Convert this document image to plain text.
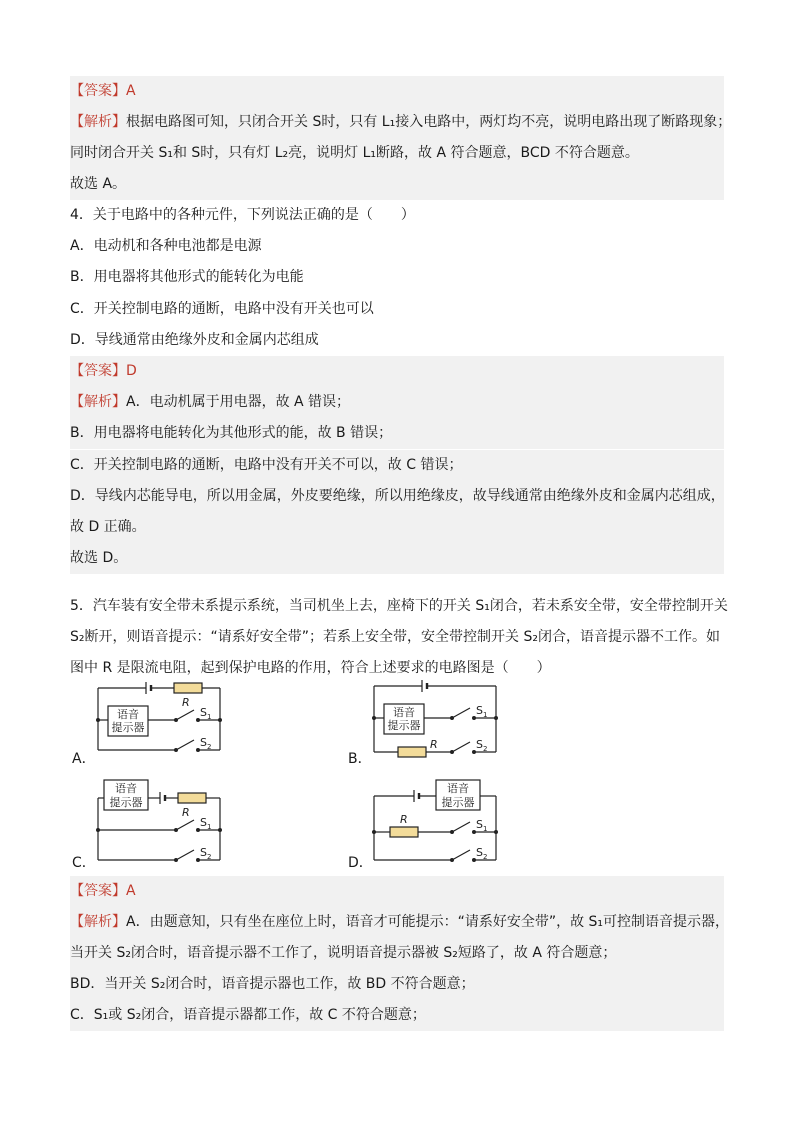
【答案】A
【解析】根据电路图可知，只闭合开关 S时，只有 L₁接入电路中，两灯均不亮，说明电路出现了断路现象；
同时闭合开关 S₁和 S时，只有灯 L₂亮，说明灯 L₁断路，故 A 符合题意，BCD 不符合题意。
故选 A。
4．关于电路中的各种元件，下列说法正确的是（　　）
A．电动机和各种电池都是电源
B．用电器将其他形式的能转化为电能
C．开关控制电路的通断，电路中没有开关也可以
D．导线通常由绝缘外皮和金属内芯组成
【答案】D
【解析】A．电动机属于用电器，故 A 错误；
B．用电器将电能转化为其他形式的能，故 B 错误；
C．开关控制电路的通断，电路中没有开关不可以，故 C 错误；
D．导线内芯能导电，所以用金属，外皮要绝缘，所以用绝缘皮，故导线通常由绝缘外皮和金属内芯组成，
故 D 正确。
故选 D。
5．汽车装有安全带未系提示系统，当司机坐上去，座椅下的开关 S₁闭合，若未系安全带，安全带控制开关
S₂断开，则语音提示：“请系好安全带”；若系上安全带，安全带控制开关 S₂闭合，语音提示器不工作。如
图中 R 是限流电阻，起到保护电路的作用，符合上述要求的电路图是（　　）
A．	B．
C．	D．
语音
提示器
R
S 1
S 2
语音
提示器
R
S 1
S 2
语音
提示器
R
S 1
S 2
语音
提示器
R	S 1
S 2
【答案】A
【解析】A．由题意知，只有坐在座位上时，语音才可能提示：“请系好安全带”，故 S₁可控制语音提示器，
当开关 S₂闭合时，语音提示器不工作了，说明语音提示器被 S₂短路了，故 A 符合题意；
BD．当开关 S₂闭合时，语音提示器也工作，故 BD 不符合题意；
C．S₁或 S₂闭合，语音提示器都工作，故 C 不符合题意；
